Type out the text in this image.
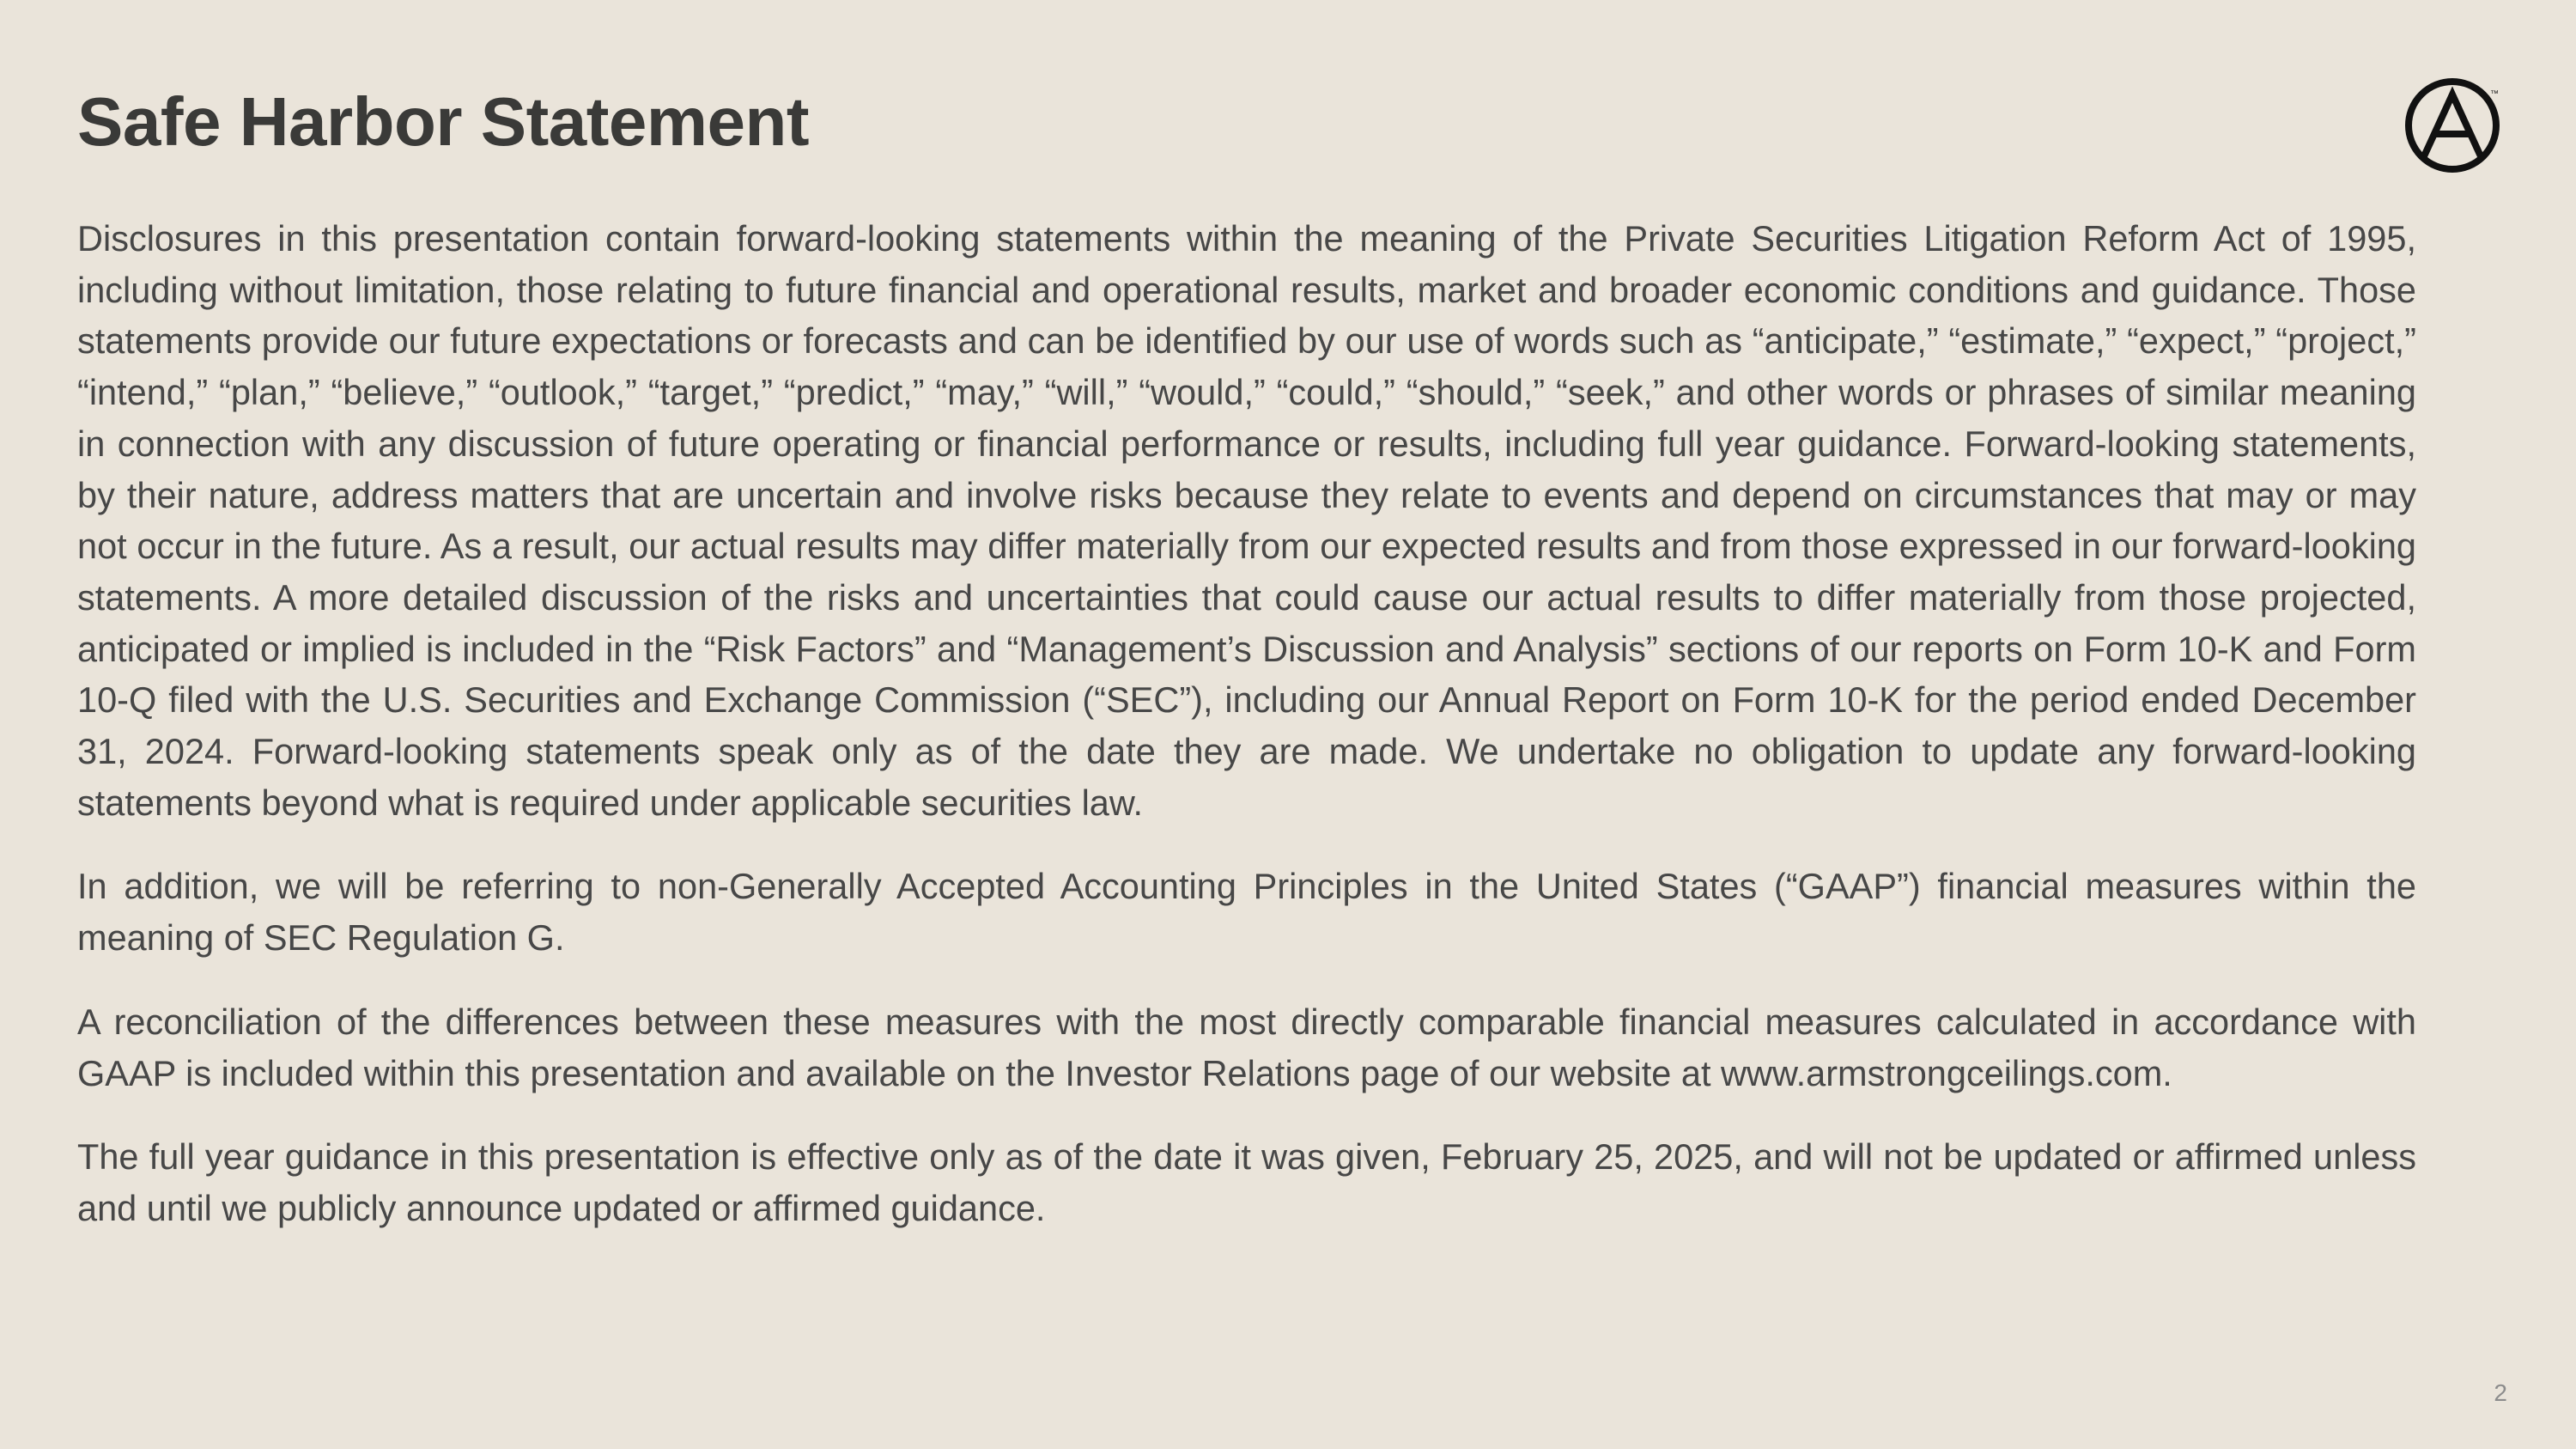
Safe Harbor Statement	™

Disclosures in this presentation contain forward-looking statements within the meaning of the Private Securities Litigation Reform Act of 1995, including without limitation, those relating to future financial and operational results, market and broader economic conditions and guidance. Those statements provide our future expectations or forecasts and can be identified by our use of words such as “anticipate,” “estimate,” “expect,” “project,” “intend,” “plan,” “believe,” “outlook,” “target,” “predict,” “may,” “will,” “would,” “could,” “should,” “seek,” and other words or phrases of similar meaning in connection with any discussion of future operating or financial performance or results, including full year guidance. Forward-looking statements, by their nature, address matters that are uncertain and involve risks because they relate to events and depend on circumstances that may or may not occur in the future. As a result, our actual results may differ materially from our expected results and from those expressed in our forward-looking statements. A more detailed discussion of the risks and uncertainties that could cause our actual results to differ materially from those projected, anticipated or implied is included in the “Risk Factors” and “Management’s Discussion and Analysis” sections of our reports on Form 10-K and Form 10-Q filed with the U.S. Securities and Exchange Commission (“SEC”), including our Annual Report on Form 10-K for the period ended December 31, 2024. Forward-looking statements speak only as of the date they are made. We undertake no obligation to update any forward-looking statements beyond what is required under applicable securities law.

In addition, we will be referring to non-Generally Accepted Accounting Principles in the United States (“GAAP”) financial measures within the meaning of SEC Regulation G.

A reconciliation of the differences between these measures with the most directly comparable financial measures calculated in accordance with GAAP is included within this presentation and available on the Investor Relations page of our website at www.armstrongceilings.com.

The full year guidance in this presentation is effective only as of the date it was given, February 25, 2025, and will not be updated or affirmed unless and until we publicly announce updated or affirmed guidance.

2
